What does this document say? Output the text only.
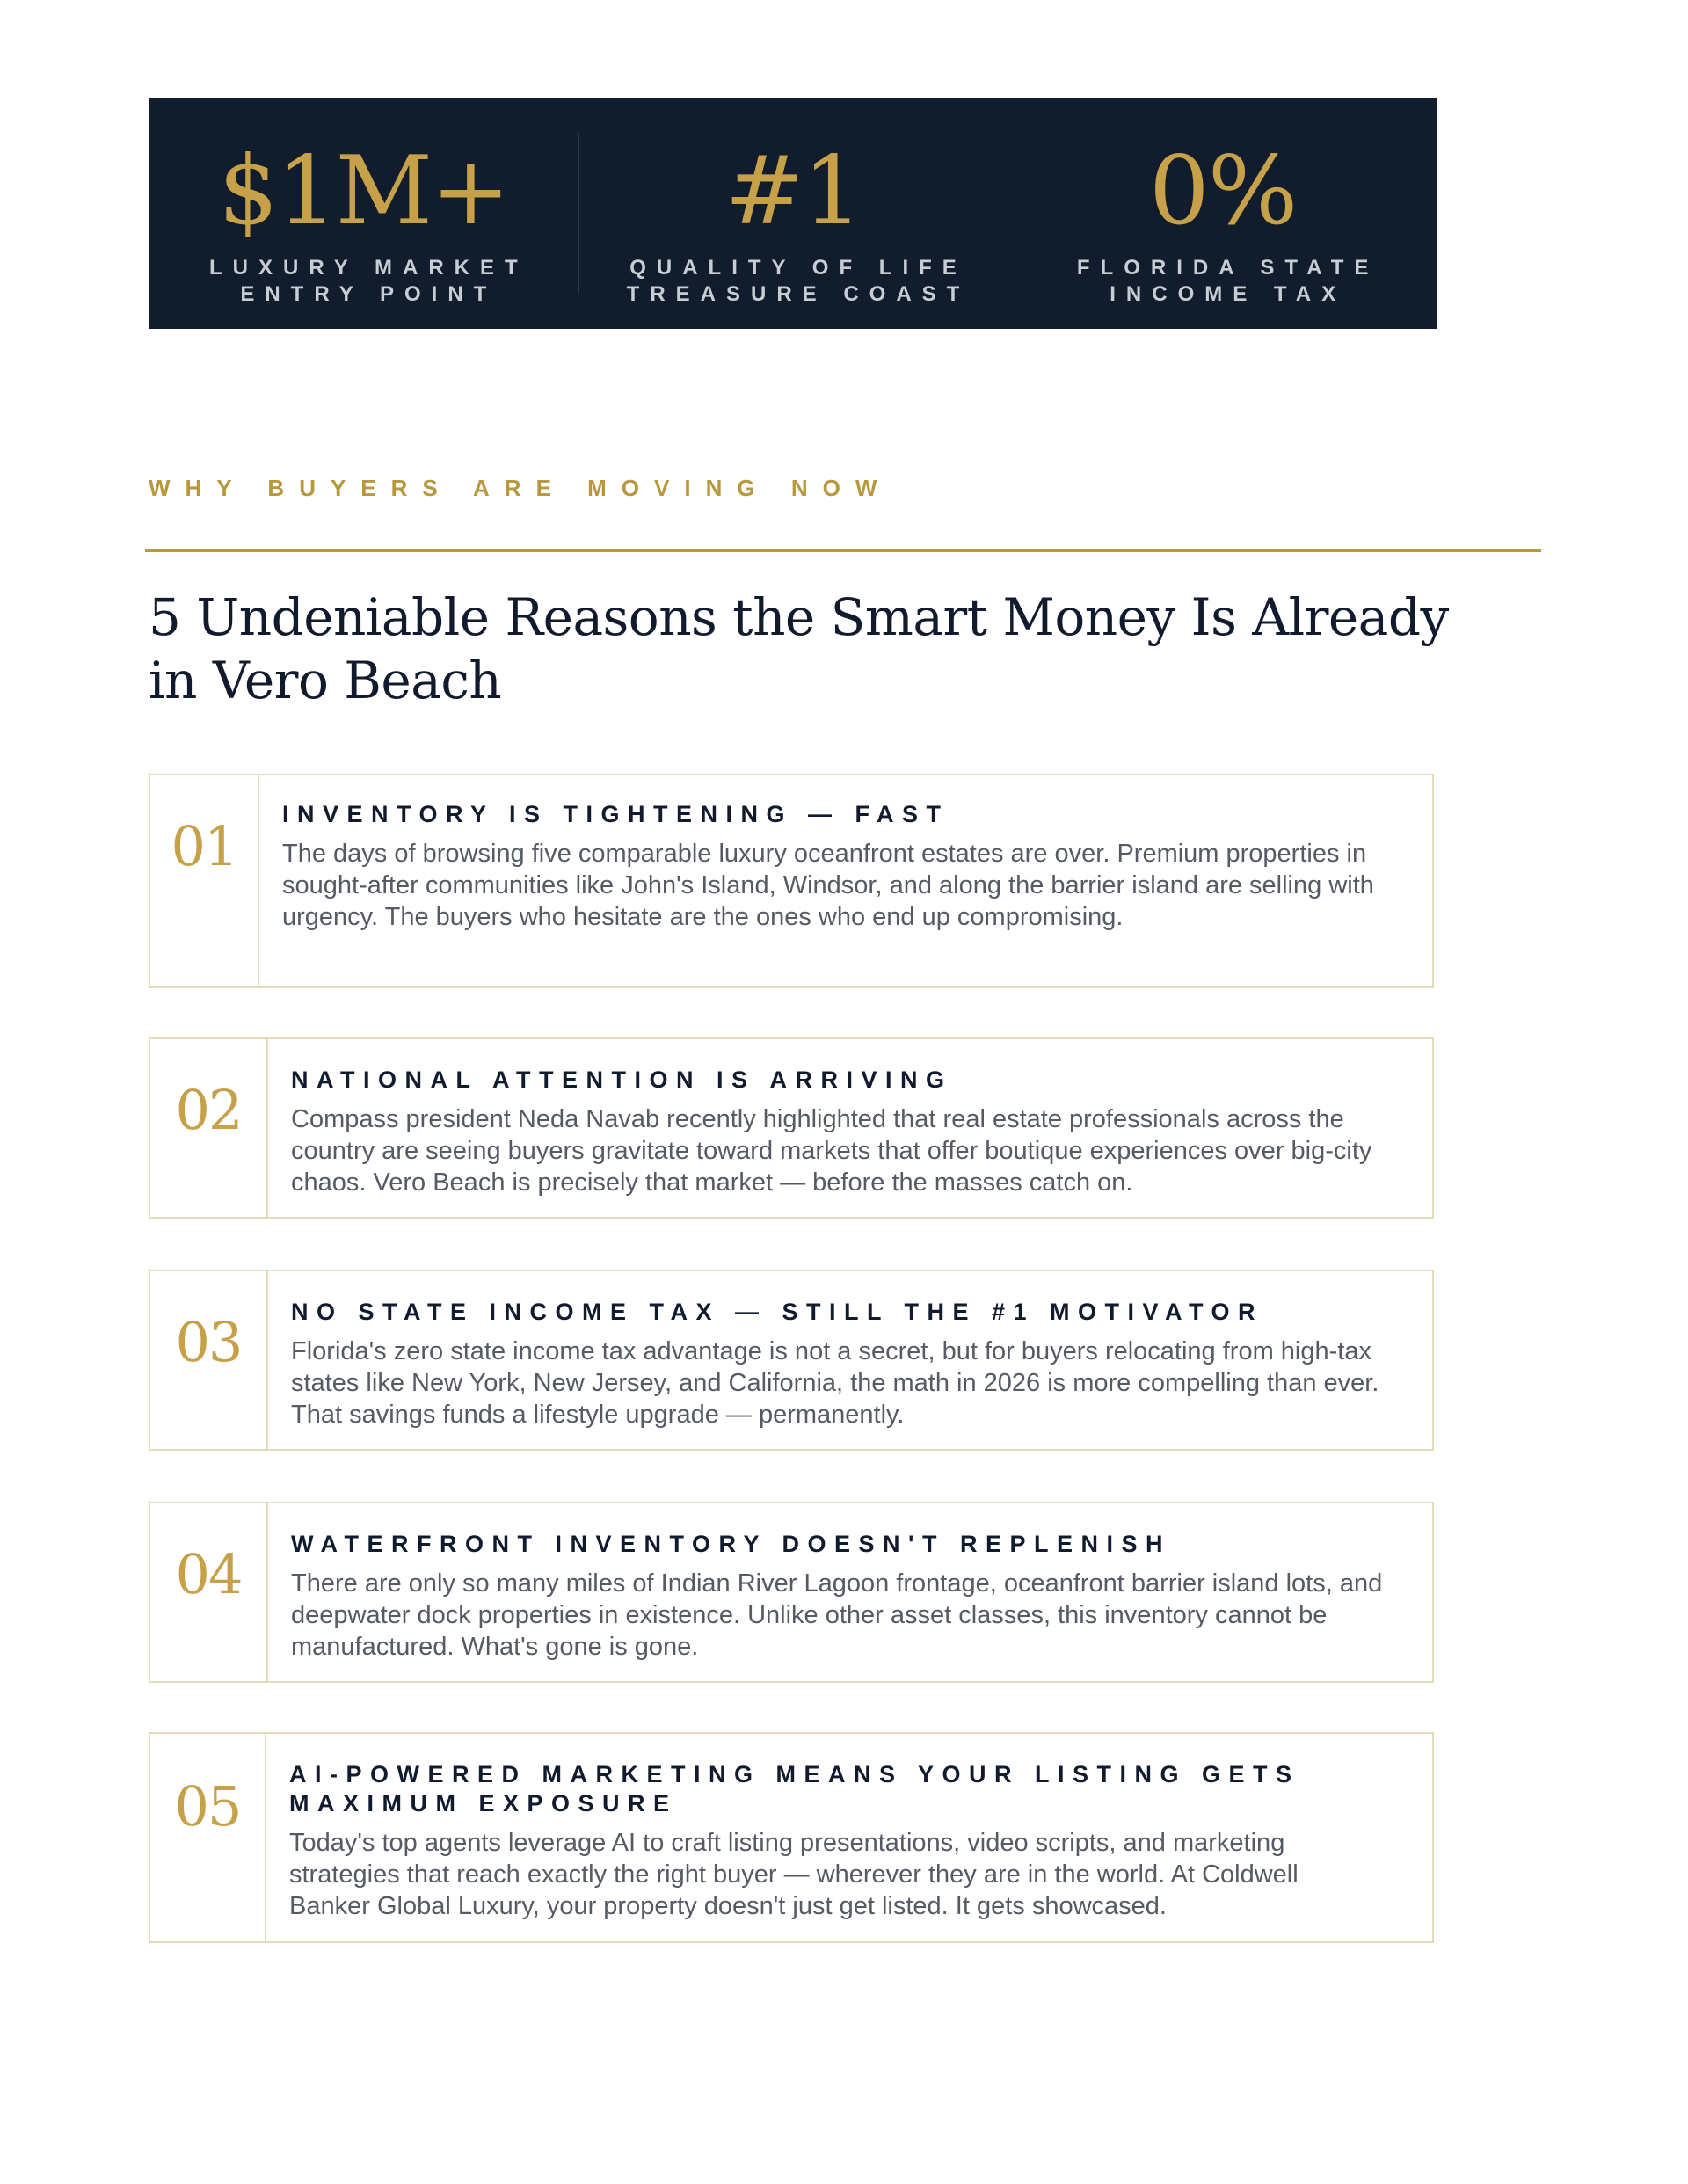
$1M+
LUXURY MARKET
ENTRY POINT
#1
QUALITY OF LIFE
TREASURE COAST
0%
FLORIDA STATE
INCOME TAX
WHY BUYERS ARE MOVING NOW
5 Undeniable Reasons the Smart Money Is Already in Vero Beach
01	INVENTORY IS TIGHTENING — FAST

The days of browsing five comparable luxury oceanfront estates are over. Premium properties in sought-after communities like John's Island, Windsor, and along the barrier island are selling with urgency. The buyers who hesitate are the ones who end up compromising.

02	NATIONAL ATTENTION IS ARRIVING

Compass president Neda Navab recently highlighted that real estate professionals across the country are seeing buyers gravitate toward markets that offer boutique experiences over big-city chaos. Vero Beach is precisely that market — before the masses catch on.

03	NO STATE INCOME TAX — STILL THE #1 MOTIVATOR

Florida's zero state income tax advantage is not a secret, but for buyers relocating from high-tax states like New York, New Jersey, and California, the math in 2026 is more compelling than ever. That savings funds a lifestyle upgrade — permanently.

04	WATERFRONT INVENTORY DOESN'T REPLENISH

There are only so many miles of Indian River Lagoon frontage, oceanfront barrier island lots, and deepwater dock properties in existence. Unlike other asset classes, this inventory cannot be manufactured. What's gone is gone.

05	AI-POWERED MARKETING MEANS YOUR LISTING GETS MAXIMUM EXPOSURE

Today's top agents leverage AI to craft listing presentations, video scripts, and marketing strategies that reach exactly the right buyer — wherever they are in the world. At Coldwell Banker Global Luxury, your property doesn't just get listed. It gets showcased.
